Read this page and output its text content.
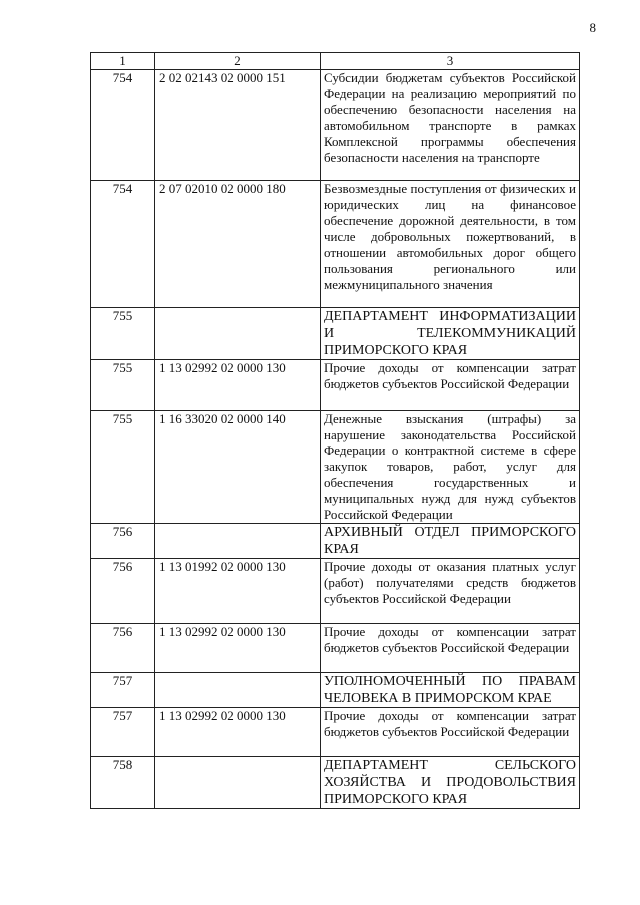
8
1	2	3
754	2 02 02143 02 0000 151	Субсидии бюджетам субъектов Российской Федерации на реализацию мероприятий по обеспечению безопасности населения на автомобильном транспорте в рамках Комплексной программы обеспечения безопасности населения на транспорте
754	2 07 02010 02 0000 180	Безвозмездные поступления от физических и юридических лиц на финансовое обеспечение дорожной деятельности, в том числе добровольных пожертвований, в отношении автомобильных дорог общего пользования регионального или межмуниципального значения
755		ДЕПАРТАМЕНТ ИНФОРМАТИЗАЦИИ И ТЕЛЕКОММУНИКАЦИЙ ПРИМОРСКОГО КРАЯ
755	1 13 02992 02 0000 130	Прочие доходы от компенсации затрат бюджетов субъектов Российской Федерации
755	1 16 33020 02 0000 140	Денежные взыскания (штрафы) за нарушение законодательства Российской Федерации о контрактной системе в сфере закупок товаров, работ, услуг для обеспечения государственных и муниципальных нужд для нужд субъектов Российской Федерации
756		АРХИВНЫЙ ОТДЕЛ ПРИМОРСКОГО КРАЯ
756	1 13 01992 02 0000 130	Прочие доходы от оказания платных услуг (работ) получателями средств бюджетов субъектов Российской Федерации
756	1 13 02992 02 0000 130	Прочие доходы от компенсации затрат бюджетов субъектов Российской Федерации
757		УПОЛНОМОЧЕННЫЙ ПО ПРАВАМ ЧЕЛОВЕКА В ПРИМОРСКОМ КРАЕ
757	1 13 02992 02 0000 130	Прочие доходы от компенсации затрат бюджетов субъектов Российской Федерации
758		ДЕПАРТАМЕНТ СЕЛЬСКОГО ХОЗЯЙСТВА И ПРОДОВОЛЬСТВИЯ ПРИМОРСКОГО КРАЯ
